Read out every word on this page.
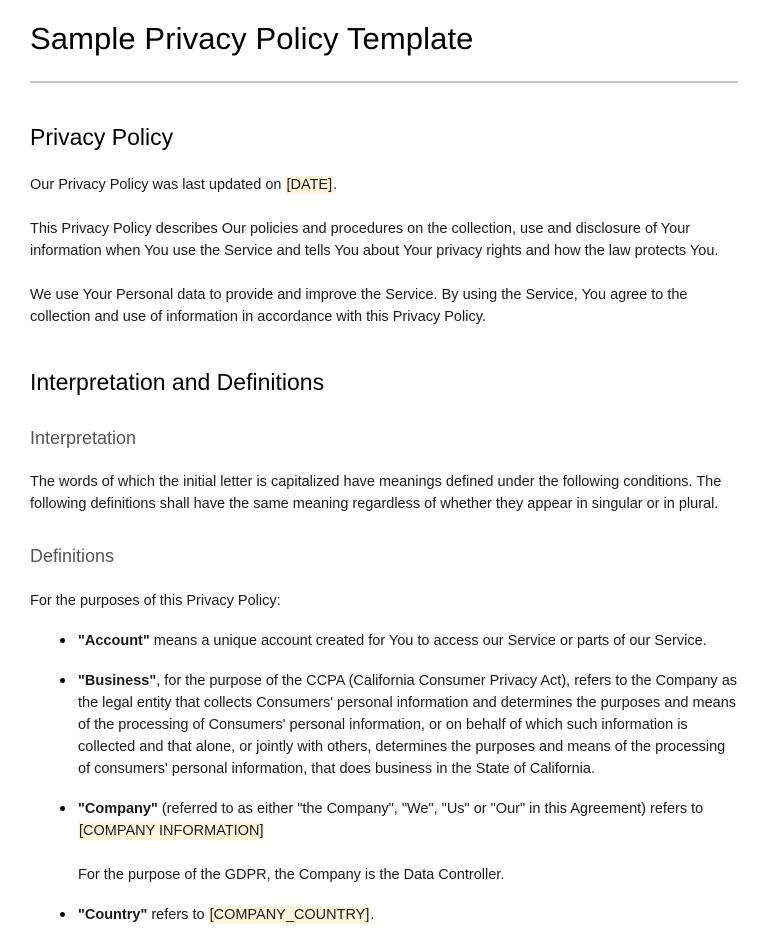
Sample Privacy Policy Template
Privacy Policy

Our Privacy Policy was last updated on [DATE].

This Privacy Policy describes Our policies and procedures on the collection, use and disclosure of Your information when You use the Service and tells You about Your privacy rights and how the law protects You.

We use Your Personal data to provide and improve the Service. By using the Service, You agree to the collection and use of information in accordance with this Privacy Policy.

Interpretation and Definitions
Interpretation

The words of which the initial letter is capitalized have meanings defined under the following conditions. The following definitions shall have the same meaning regardless of whether they appear in singular or in plural.

Definitions

For the purposes of this Privacy Policy:

"Account" means a unique account created for You to access our Service or parts of our Service.
"Business", for the purpose of the CCPA (California Consumer Privacy Act), refers to the Company as the legal entity that collects Consumers' personal information and determines the purposes and means of the processing of Consumers' personal information, or on behalf of which such information is collected and that alone, or jointly with others, determines the purposes and means of the processing of consumers' personal information, that does business in the State of California.
"Company" (referred to as either "the Company", "We", "Us" or "Our" in this Agreement) refers to [COMPANY INFORMATION]

For the purpose of the GDPR, the Company is the Data Controller.

"Country" refers to [COMPANY_COUNTRY].
